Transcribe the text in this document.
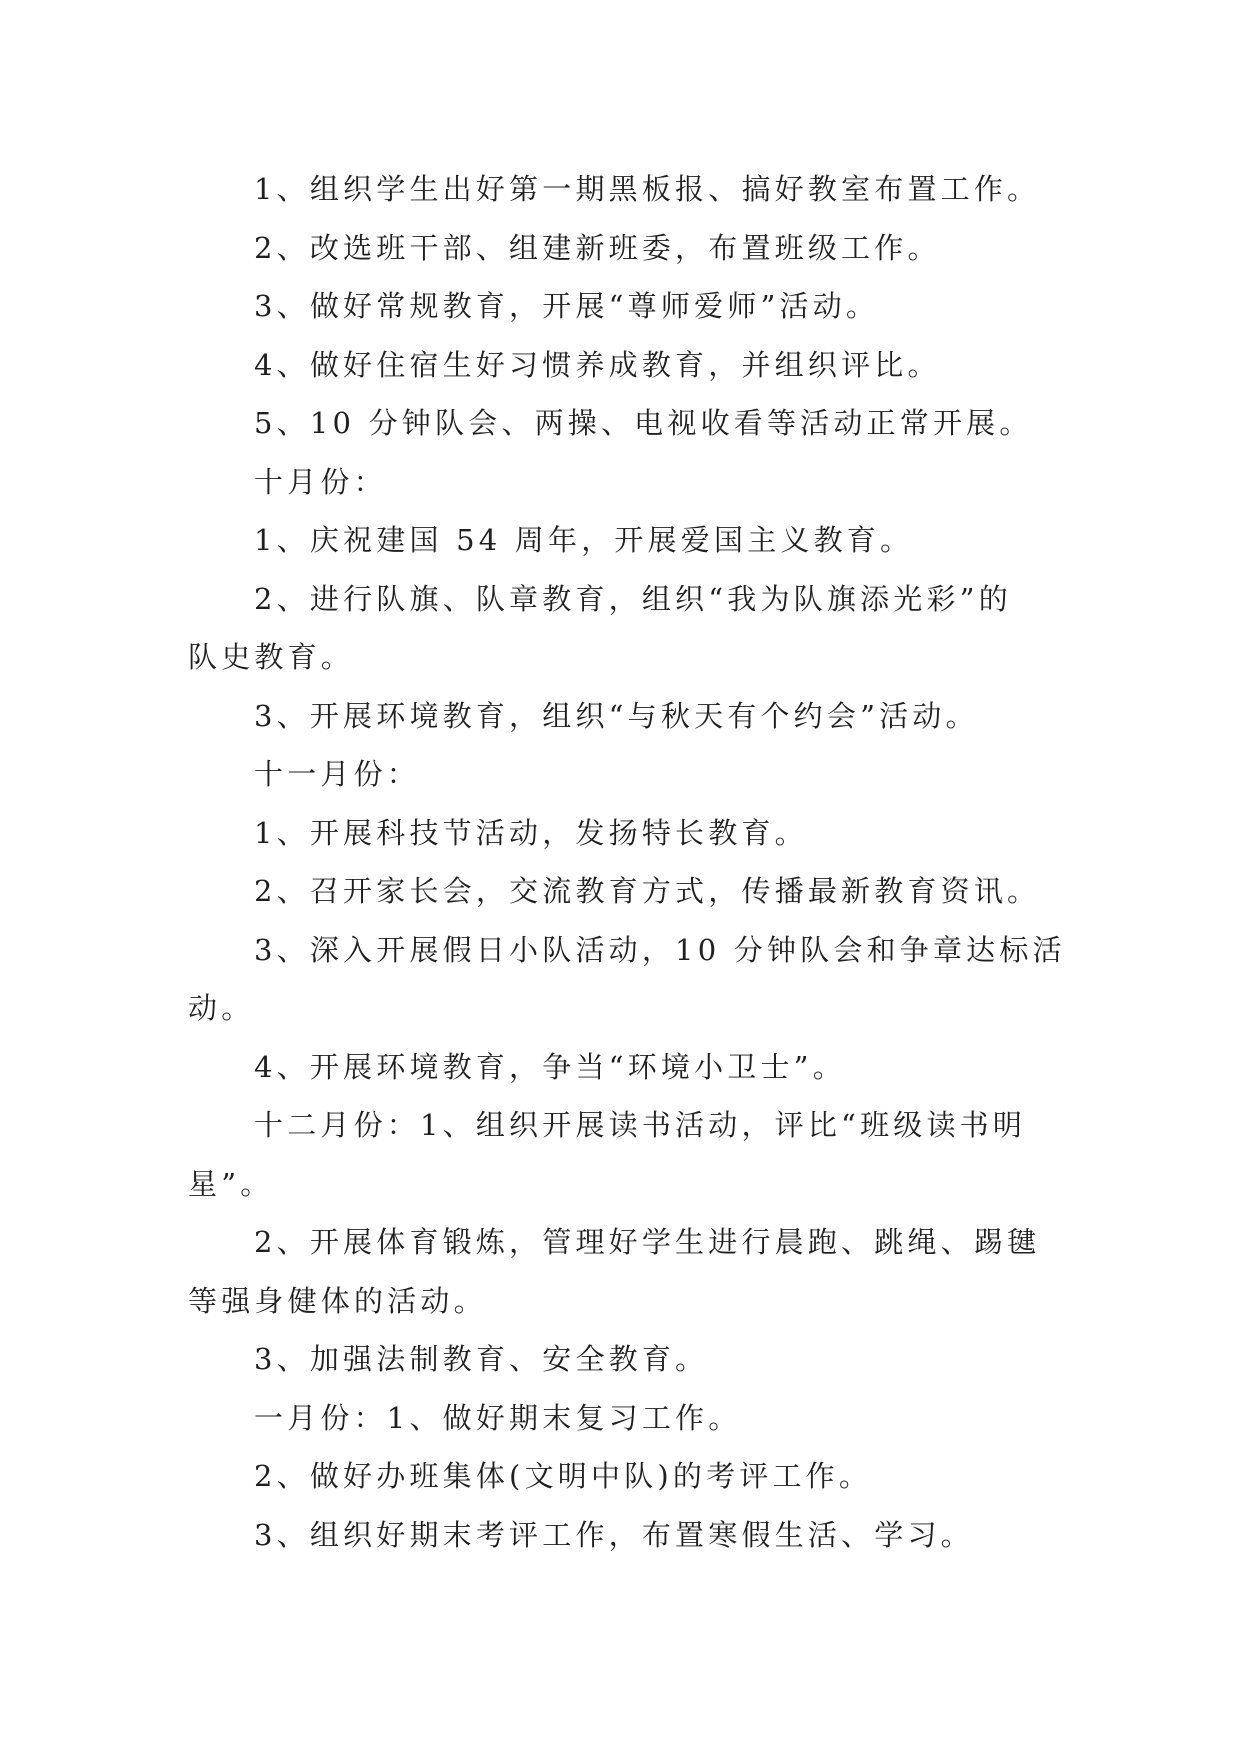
1、组织学生出好第一期黑板报、搞好教室布置工作。
2、改选班干部、组建新班委，布置班级工作。
3、做好常规教育，开展“尊师爱师”活动。
4、做好住宿生好习惯养成教育，并组织评比。
5、10 分钟队会、两操、电视收看等活动正常开展。
十月份：
1、庆祝建国 54 周年，开展爱国主义教育。
2、进行队旗、队章教育，组织“我为队旗添光彩”的
队史教育。
3、开展环境教育，组织“与秋天有个约会”活动。
十一月份：
1、开展科技节活动，发扬特长教育。
2、召开家长会，交流教育方式，传播最新教育资讯。
3、深入开展假日小队活动，10 分钟队会和争章达标活
动。
4、开展环境教育，争当“环境小卫士”。
十二月份：1、组织开展读书活动，评比“班级读书明
星”。
2、开展体育锻炼，管理好学生进行晨跑、跳绳、踢毽
等强身健体的活动。
3、加强法制教育、安全教育。
一月份：1、做好期末复习工作。
2、做好办班集体(文明中队)的考评工作。
3、组织好期末考评工作，布置寒假生活、学习。
